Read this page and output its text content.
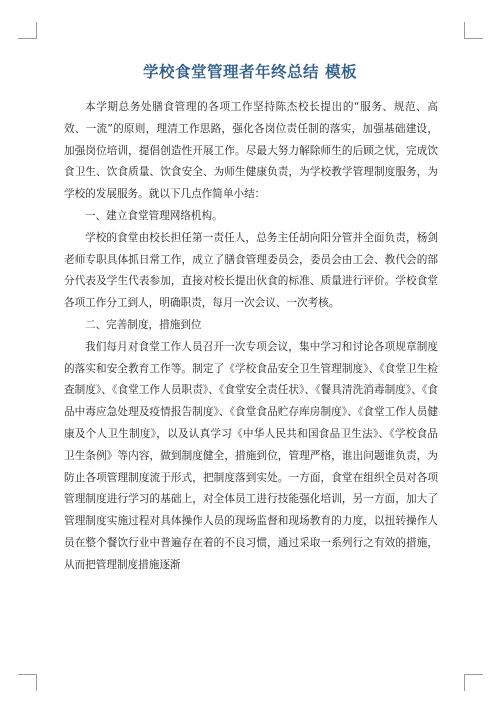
学校食堂管理者年终总结 模板

本学期总务处膳食管理的各项工作坚持陈杰校长提出的“服务、规范、高效、一流”的原则，理清工作思路，强化各岗位责任制的落实，加强基础建设，加强岗位培训，提倡创造性开展工作。尽最大努力解除师生的后顾之忧，完成饮食卫生、饮食质量、饮食安全、为师生健康负责，为学校教学管理制度服务，为学校的发展服务。就以下几点作简单小结：

一、建立食堂管理网络机构。

学校的食堂由校长担任第一责任人，总务主任胡向阳分管并全面负责，杨剑老师专职具体抓日常工作，成立了膳食管理委员会，委员会由工会、教代会的部分代表及学生代表参加，直接对校长提出伙食的标准、质量进行评价。学校食堂各项工作分工到人，明确职责，每月一次会议、一次考核。

二、完善制度，措施到位

我们每月对食堂工作人员召开一次专项会议，集中学习和讨论各项规章制度的落实和安全教育工作等。制定了《学校食品安全卫生管理制度》、《食堂卫生检查制度》、《食堂工作人员职责》、《食堂安全责任状》、《餐具清洗消毒制度》、《食品中毒应急处理及疫情报告制度》、《食堂食品贮存库房制度》、《食堂工作人员健康及个人卫生制度》，以及认真学习《中华人民共和国食品卫生法》、《学校食品卫生条例》等内容，做到制度健全，措施到位，管理严格，谁出问题谁负责，为防止各项管理制度流于形式，把制度落到实处。一方面，食堂在组织全员对各项管理制度进行学习的基础上，对全体员工进行技能强化培训，另一方面，加大了管理制度实施过程对具体操作人员的现场监督和现场教育的力度，以扭转操作人员在整个餐饮行业中普遍存在着的不良习惯，通过采取一系列行之有效的措施，从而把管理制度措施逐渐
